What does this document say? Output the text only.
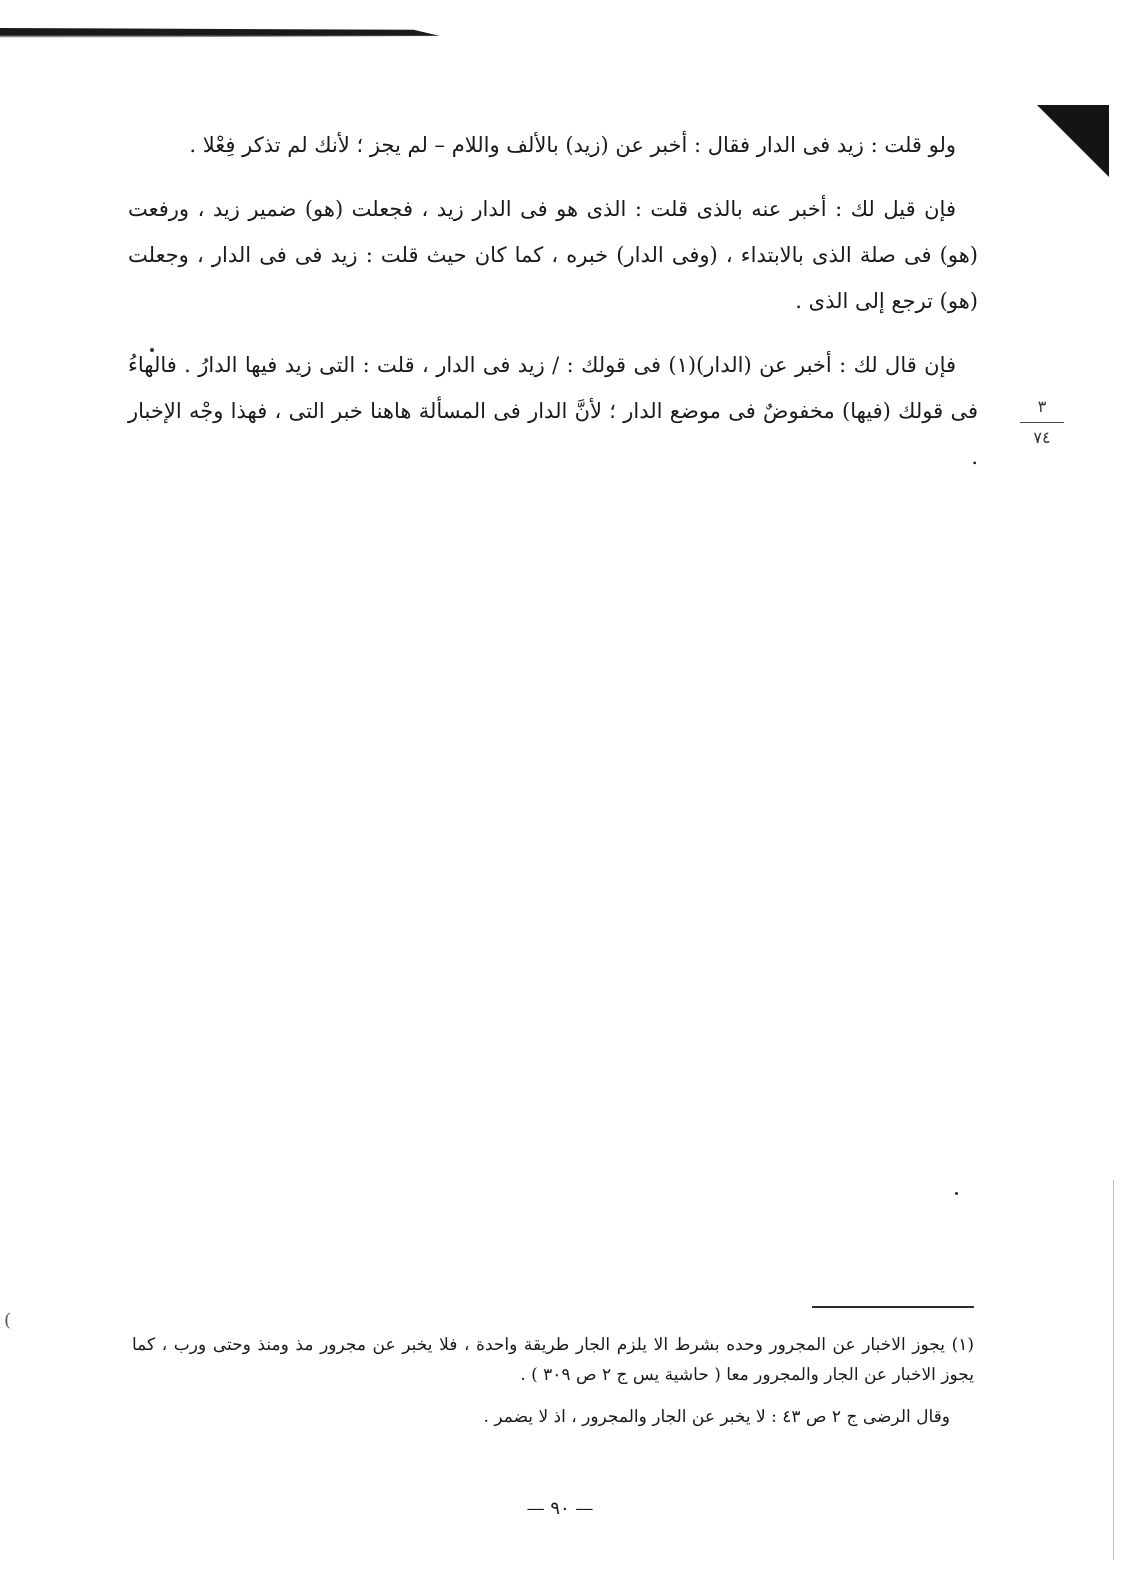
ولو قلت : زيد فى الدار فقال : أخبر عن (زيد) بالألف واللام – لم يجز ؛ لأنك لم تذكر فِعْلا .

فإن قيل لك : أخبر عنه بالذى قلت : الذى هو فى الدار زيد ، فجعلت (هو) ضمير زيد ، ورفعت (هو) فى صلة الذى بالابتداء ، (وفى الدار) خبره ، كما كان حيث قلت : زيد فى فى الدار ، وجعلت (هو) ترجع إلى الذى .

فإن قال لك : أخبر عن (الدار)(١) فى قولك : / زيد فى الدار ، قلت : التى زيد فيها الدارُ . فالهاءُ فى قولك (فيها) مخفوضٌ فى موضع الدار ؛ لأنَّ الدار فى المسألة هاهنا خبر التى ، فهذا وجْه الإخبار .

٣
٧٤

(١) يجوز الاخبار عن المجرور وحده بشرط الا يلزم الجار طريقة واحدة ، فلا يخبر عن مجرور مذ ومنذ وحتى ورب ، كما يجوز الاخبار عن الجار والمجرور معا ( حاشية يس ج ٢ ص ٣٠٩ ) .

وقال الرضى ج ٢ ص ٤٣ : لا يخبر عن الجار والمجرور ، اذ لا يضمر .

— ٩٠ —
(
